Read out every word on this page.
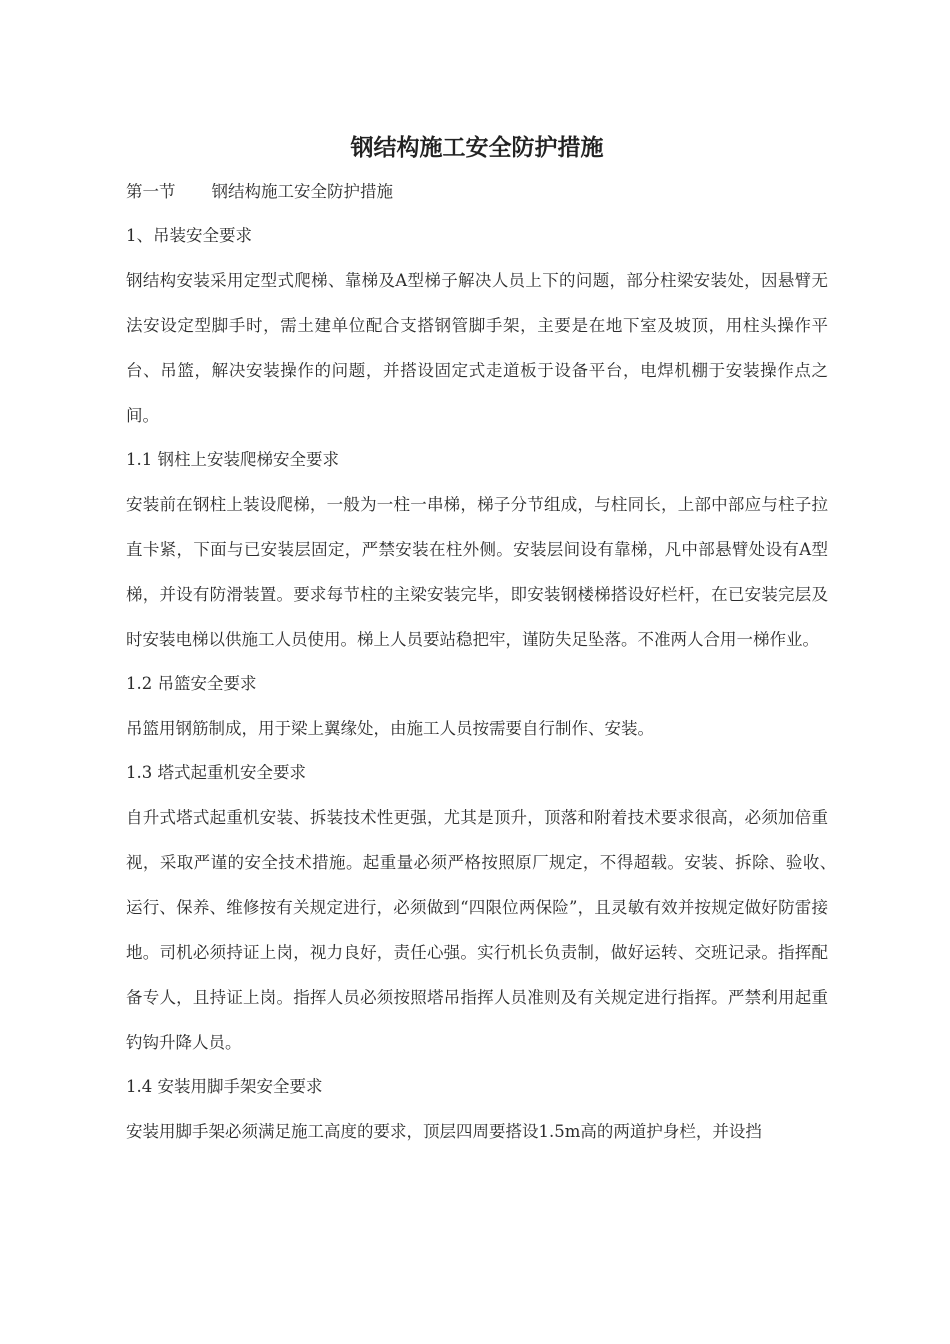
钢结构施工安全防护措施

第一节 钢结构施工安全防护措施

1、吊装安全要求

钢结构安装采用定型式爬梯、靠梯及A型梯子解决人员上下的问题，部分柱梁安装处，因悬臂无法安设定型脚手时，需土建单位配合支搭钢管脚手架，主要是在地下室及坡顶，用柱头操作平台、吊篮，解决安装操作的问题，并搭设固定式走道板于设备平台，电焊机棚于安装操作点之间。

1.1 钢柱上安装爬梯安全要求

安装前在钢柱上装设爬梯，一般为一柱一串梯，梯子分节组成，与柱同长，上部中部应与柱子拉直卡紧，下面与已安装层固定，严禁安装在柱外侧。安装层间设有靠梯，凡中部悬臂处设有A型梯，并设有防滑装置。要求每节柱的主梁安装完毕，即安装钢楼梯搭设好栏杆，在已安装完层及时安装电梯以供施工人员使用。梯上人员要站稳把牢，谨防失足坠落。不准两人合用一梯作业。

1.2 吊篮安全要求

吊篮用钢筋制成，用于梁上翼缘处，由施工人员按需要自行制作、安装。

1.3 塔式起重机安全要求

自升式塔式起重机安装、拆装技术性更强，尤其是顶升，顶落和附着技术要求很高，必须加倍重视，采取严谨的安全技术措施。起重量必须严格按照原厂规定，不得超载。安装、拆除、验收、　运行、保养、维修按有关规定进行，必须做到“四限位两保险”，且灵敏有效并按规定做好防雷接地。司机必须持证上岗，视力良好，责任心强。实行机长负责制，做好运转、交班记录。指挥配备专人，且持证上岗。指挥人员必须按照塔吊指挥人员准则及有关规定进行指挥。严禁利用起重钓钩升降人员。

1.4 安装用脚手架安全要求

安装用脚手架必须满足施工高度的要求，顶层四周要搭设1.5m高的两道护身栏，并设挡
